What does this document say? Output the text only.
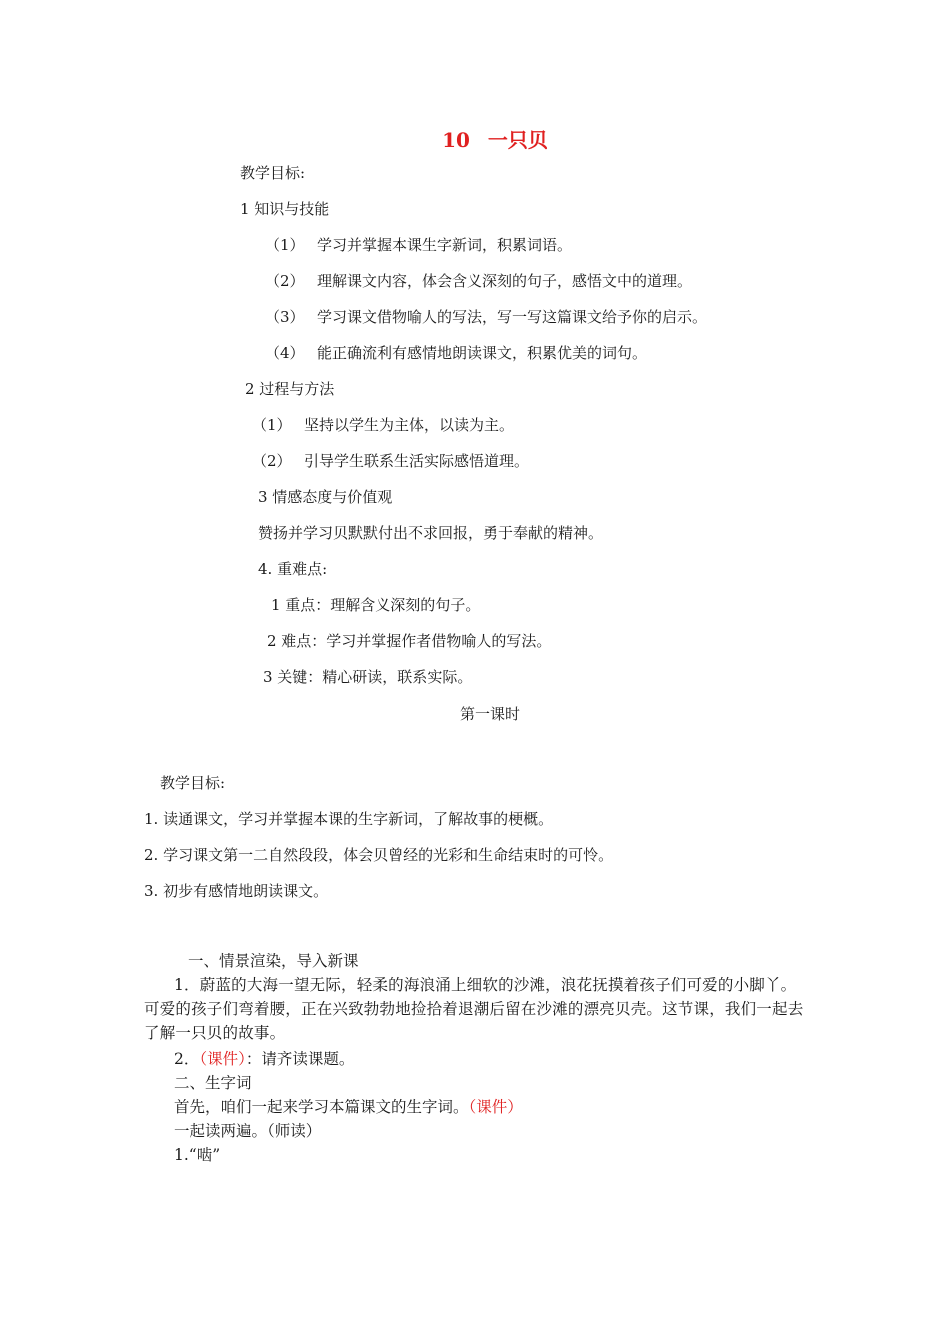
10 一只贝
教学目标:
1 知识与技能
（1） 学习并掌握本课生字新词，积累词语。
（2） 理解课文内容，体会含义深刻的句子，感悟文中的道理。
（3） 学习课文借物喻人的写法，写一写这篇课文给予你的启示。
（4） 能正确流利有感情地朗读课文，积累优美的词句。
2 过程与方法
（1） 坚持以学生为主体，以读为主。
（2） 引导学生联系生活实际感悟道理。
3 情感态度与价值观
赞扬并学习贝默默付出不求回报，勇于奉献的精神。
4. 重难点:
1 重点：理解含义深刻的句子。
2 难点：学习并掌握作者借物喻人的写法。
3 关键：精心研读，联系实际。
第一课时
教学目标:
1. 读通课文，学习并掌握本课的生字新词，了解故事的梗概。
2. 学习课文第一二自然段段，体会贝曾经的光彩和生命结束时的可怜。
3. 初步有感情地朗读课文。
一、情景渲染，导入新课
1．蔚蓝的大海一望无际，轻柔的海浪涌上细软的沙滩，浪花抚摸着孩子们可爱的小脚丫。可爱的孩子们弯着腰，正在兴致勃勃地捡拾着退潮后留在沙滩的漂亮贝壳。这节课，我们一起去了解一只贝的故事。
2．（课件）：请齐读课题。
二、生字词
首先，咱们一起来学习本篇课文的生字词。（课件）
一起读两遍。（师读）
1.“啮”
